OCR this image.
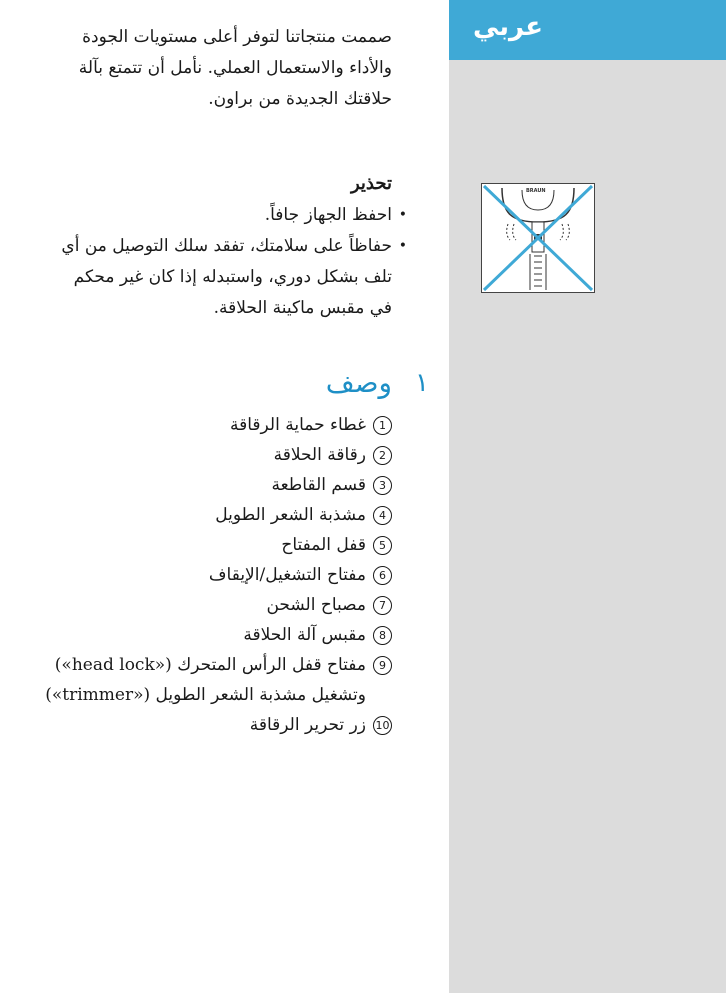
عربي
BRAUN
صممت منتجاتنا لتوفر أعلى مستويات الجودة والأداء والاستعمال العملي. نأمل أن تتمتع بآلة حلاقتك الجديدة من براون.
تحذير
• احفظ الجهاز جافاً.
• حفاظاً على سلامتك، تفقد سلك التوصيل من أي تلف بشكل دوري، واستبدله إذا كان غير محكم في مقبس ماكينة الحلاقة.
١
وصف
1
غطاء حماية الرقاقة
2
رقاقة الحلاقة
3
قسم القاطعة
4
مشذبة الشعر الطويل
5
قفل المفتاح
6
مفتاح التشغيل/الإيقاف
7
مصباح الشحن
8
مقبس آلة الحلاقة
9
مفتاح قفل الرأس المتحرك («head lock») وتشغيل مشذبة الشعر الطويل («trimmer»)
10
زر تحرير الرقاقة
